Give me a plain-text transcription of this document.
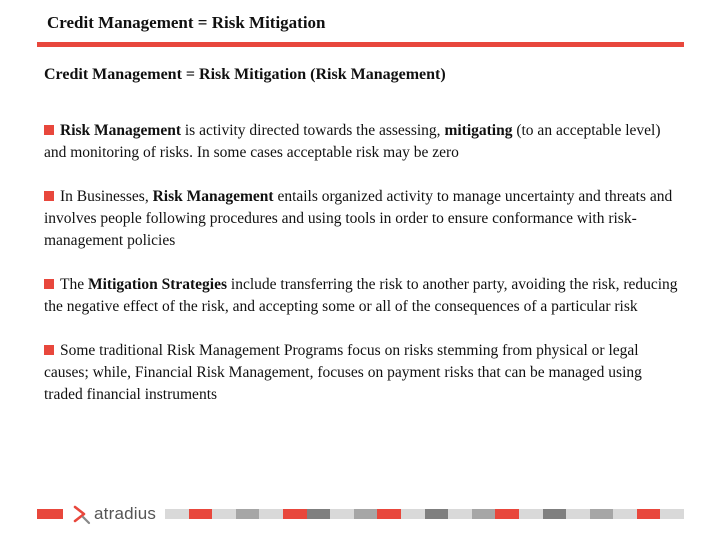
Credit Management = Risk Mitigation
Credit Management = Risk Mitigation (Risk Management)
Risk Management is activity directed towards the assessing, mitigating (to an acceptable level) and monitoring of risks. In some cases acceptable risk may be zero
In Businesses, Risk Management entails organized activity to manage uncertainty and threats and involves people following procedures and using tools in order to ensure conformance with risk-management policies
The Mitigation Strategies include transferring the risk to another party, avoiding the risk, reducing the negative effect of the risk, and accepting some or all of the consequences of a particular risk
Some traditional Risk Management Programs focus on risks stemming from physical or legal causes; while, Financial Risk Management, focuses on payment risks that can be managed using traded financial instruments
atradius
